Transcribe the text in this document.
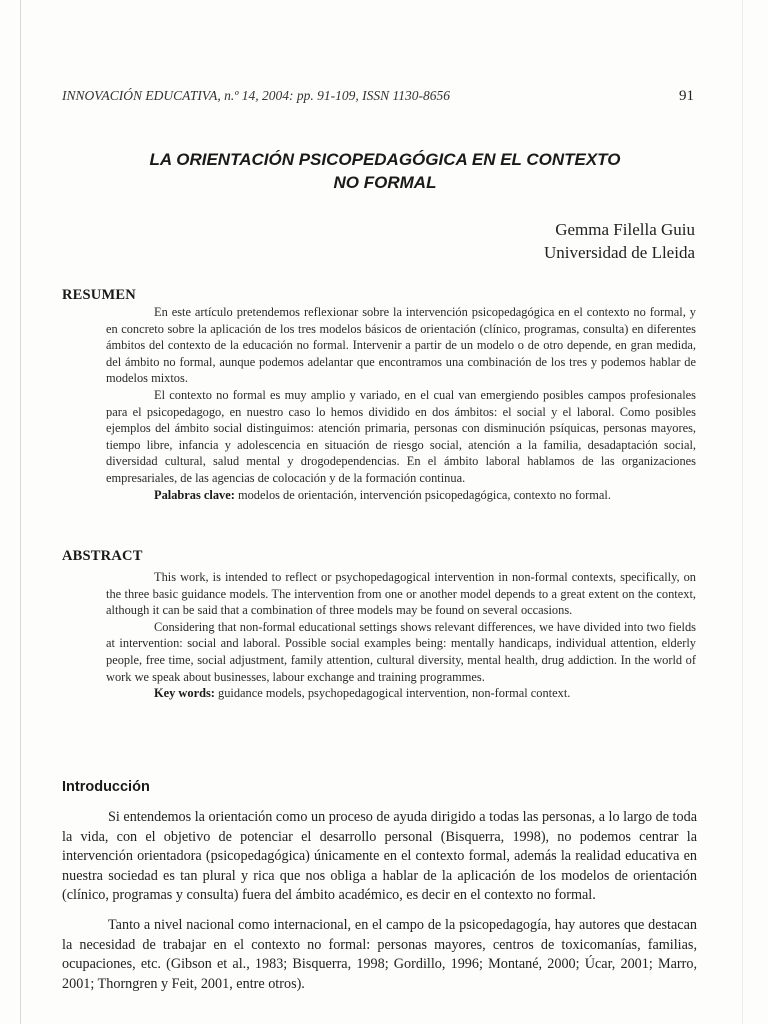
INNOVACIÓN EDUCATIVA, n.º 14, 2004: pp. 91-109, ISSN 1130-8656	91
LA ORIENTACIÓN PSICOPEDAGÓGICA EN EL CONTEXTO
NO FORMAL
Gemma Filella Guiu
Universidad de Lleida
RESUMEN

En este artículo pretendemos reflexionar sobre la intervención psicopedagógica en el contexto no formal, y en concreto sobre la aplicación de los tres modelos básicos de orientación (clínico, programas, consulta) en diferentes ámbitos del contexto de la educación no formal. Intervenir a partir de un modelo o de otro depende, en gran medida, del ámbito no formal, aunque podemos adelantar que encontramos una combinación de los tres y podemos hablar de modelos mixtos.

El contexto no formal es muy amplio y variado, en el cual van emergiendo posibles campos profesionales para el psicopedagogo, en nuestro caso lo hemos dividido en dos ámbitos: el social y el laboral. Como posibles ejemplos del ámbito social distinguimos: atención primaria, personas con disminución psíquicas, personas mayores, tiempo libre, infancia y adolescencia en situación de riesgo social, atención a la familia, desadaptación social, diversidad cultural, salud mental y drogodependencias. En el ámbito laboral hablamos de las organizaciones empresariales, de las agencias de colocación y de la formación continua.

Palabras clave: modelos de orientación, intervención psicopedagógica, contexto no formal.

ABSTRACT

This work, is intended to reflect or psychopedagogical intervention in non-formal contexts, specifically, on the three basic guidance models. The intervention from one or another model depends to a great extent on the context, although it can be said that a combination of three models may be found on several occasions.

Considering that non-formal educational settings shows relevant differences, we have divided into two fields at intervention: social and laboral. Possible social examples being: mentally handicaps, individual attention, elderly people, free time, social adjustment, family attention, cultural diversity, mental health, drug addiction. In the world of work we speak about businesses, labour exchange and training programmes.

Key words: guidance models, psychopedagogical intervention, non-formal context.

Introducción

Si entendemos la orientación como un proceso de ayuda dirigido a todas las personas, a lo largo de toda la vida, con el objetivo de potenciar el desarrollo personal (Bisquerra, 1998), no podemos centrar la intervención orientadora (psicopedagógica) únicamente en el contexto formal, además la realidad educativa en nuestra sociedad es tan plural y rica que nos obliga a hablar de la aplicación de los modelos de orientación (clínico, programas y consulta) fuera del ámbito académico, es decir en el contexto no formal.

Tanto a nivel nacional como internacional, en el campo de la psicopedagogía, hay autores que destacan la necesidad de trabajar en el contexto no formal: personas mayores, centros de toxicomanías, familias, ocupaciones, etc. (Gibson et al., 1983; Bisquerra, 1998; Gordillo, 1996; Montané, 2000; Úcar, 2001; Marro, 2001; Thorngren y Feit, 2001, entre otros).
